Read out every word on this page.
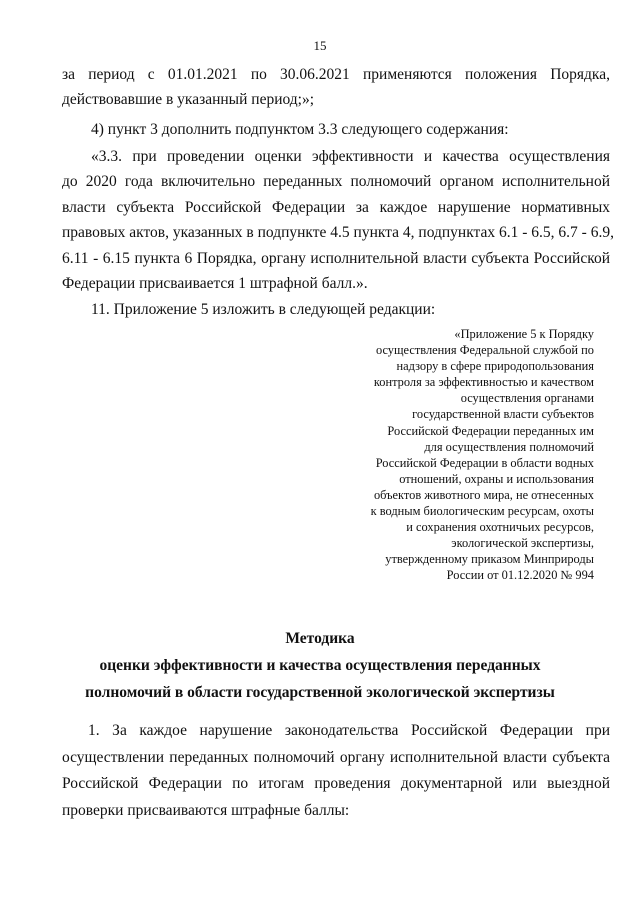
15
за период с 01.01.2021 по 30.06.2021 применяются положения Порядка,
действовавшие в указанный период;»;
4) пункт 3 дополнить подпунктом 3.3 следующего содержания:
«3.3. при проведении оценки эффективности и качества осуществления
до 2020 года включительно переданных полномочий органом исполнительной
власти субъекта Российской Федерации за каждое нарушение нормативных
правовых актов, указанных в подпункте 4.5 пункта 4, подпунктах 6.1 - 6.5, 6.7 - 6.9,
6.11 - 6.15 пункта 6 Порядка, органу исполнительной власти субъекта Российской
Федерации присваивается 1 штрафной балл.».
11. Приложение 5 изложить в следующей редакции:
«Приложение 5 к Порядку
осуществления Федеральной службой по
надзору в сфере природопользования
контроля за эффективностью и качеством
осуществления органами
государственной власти субъектов
Российской Федерации переданных им
для осуществления полномочий
Российской Федерации в области водных
отношений, охраны и использования
объектов животного мира, не отнесенных
к водным биологическим ресурсам, охоты
и сохранения охотничьих ресурсов,
экологической экспертизы,
утвержденному приказом Минприроды
России от 01.12.2020 № 994
Методика
оценки эффективности и качества осуществления переданных
полномочий в области государственной экологической экспертизы
1. За каждое нарушение законодательства Российской Федерации при
осуществлении переданных полномочий органу исполнительной власти субъекта
Российской Федерации по итогам проведения документарной или выездной
проверки присваиваются штрафные баллы:
